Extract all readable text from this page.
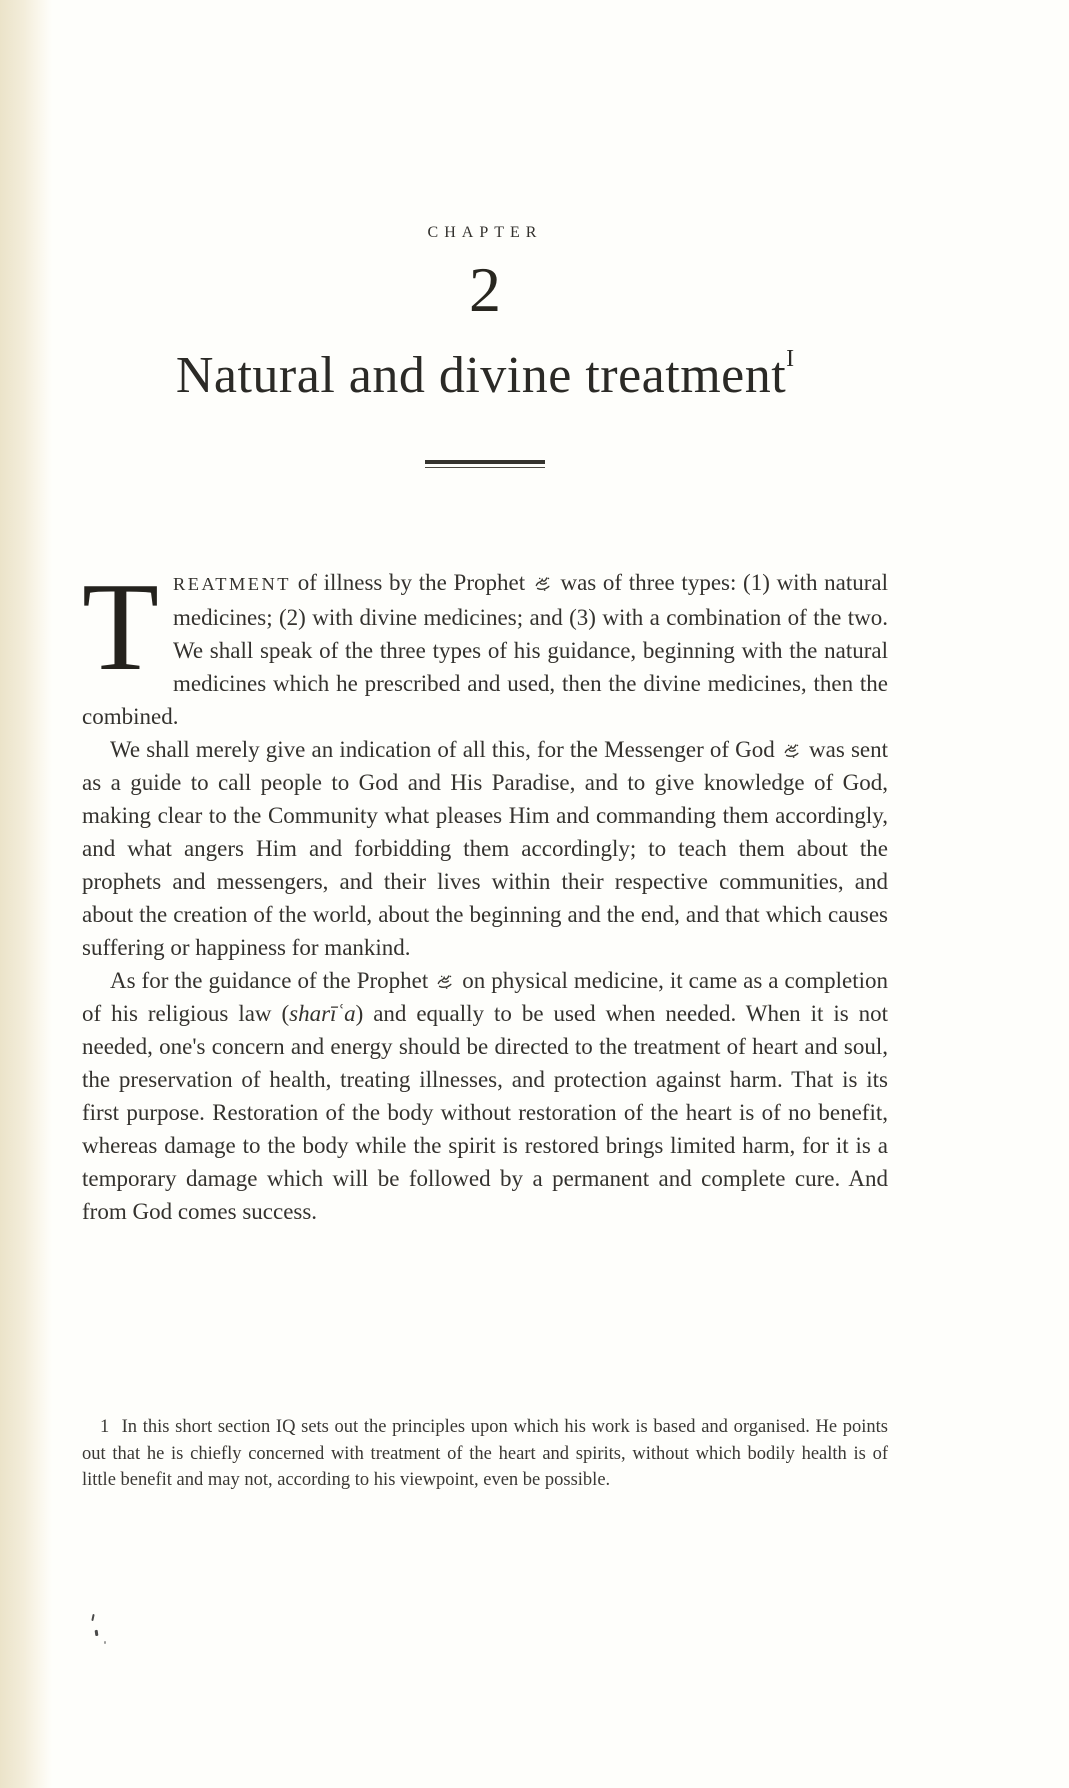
CHAPTER
2
Natural and divine treatment$^I$

TREATMENT of illness by the Prophet
was of three types: (1) with natural medicines; (2) with divine medicines; and (3) with a combination of the two. We shall speak of the three types of his guidance, beginning with the natural medicines which he prescribed and used, then the divine medicines, then the combined.

We shall merely give an indication of all this, for the Messenger of God
was sent as a guide to call people to God and His Paradise, and to give knowledge of God, making clear to the Community what pleases Him and commanding them accordingly, and what angers Him and forbidding them accordingly; to teach them about the prophets and messengers, and their lives within their respective communities, and about the creation of the world, about the beginning and the end, and that which causes suffering or happiness for mankind.

As for the guidance of the Prophet
on physical medicine, it came as a completion of his religious law (sharīʿa) and equally to be used when needed. When it is not needed, one's concern and energy should be directed to the treatment of heart and soul, the preservation of health, treating illnesses, and protection against harm. That is its first purpose. Restoration of the body without restoration of the heart is of no benefit, whereas damage to the body while the spirit is restored brings limited harm, for it is a temporary damage which will be followed by a permanent and complete cure. And from God comes success.

1 In this short section IQ sets out the principles upon which his work is based and organised. He points out that he is chiefly concerned with treatment of the heart and spirits, without which bodily health is of little benefit and may not, according to his viewpoint, even be possible.
